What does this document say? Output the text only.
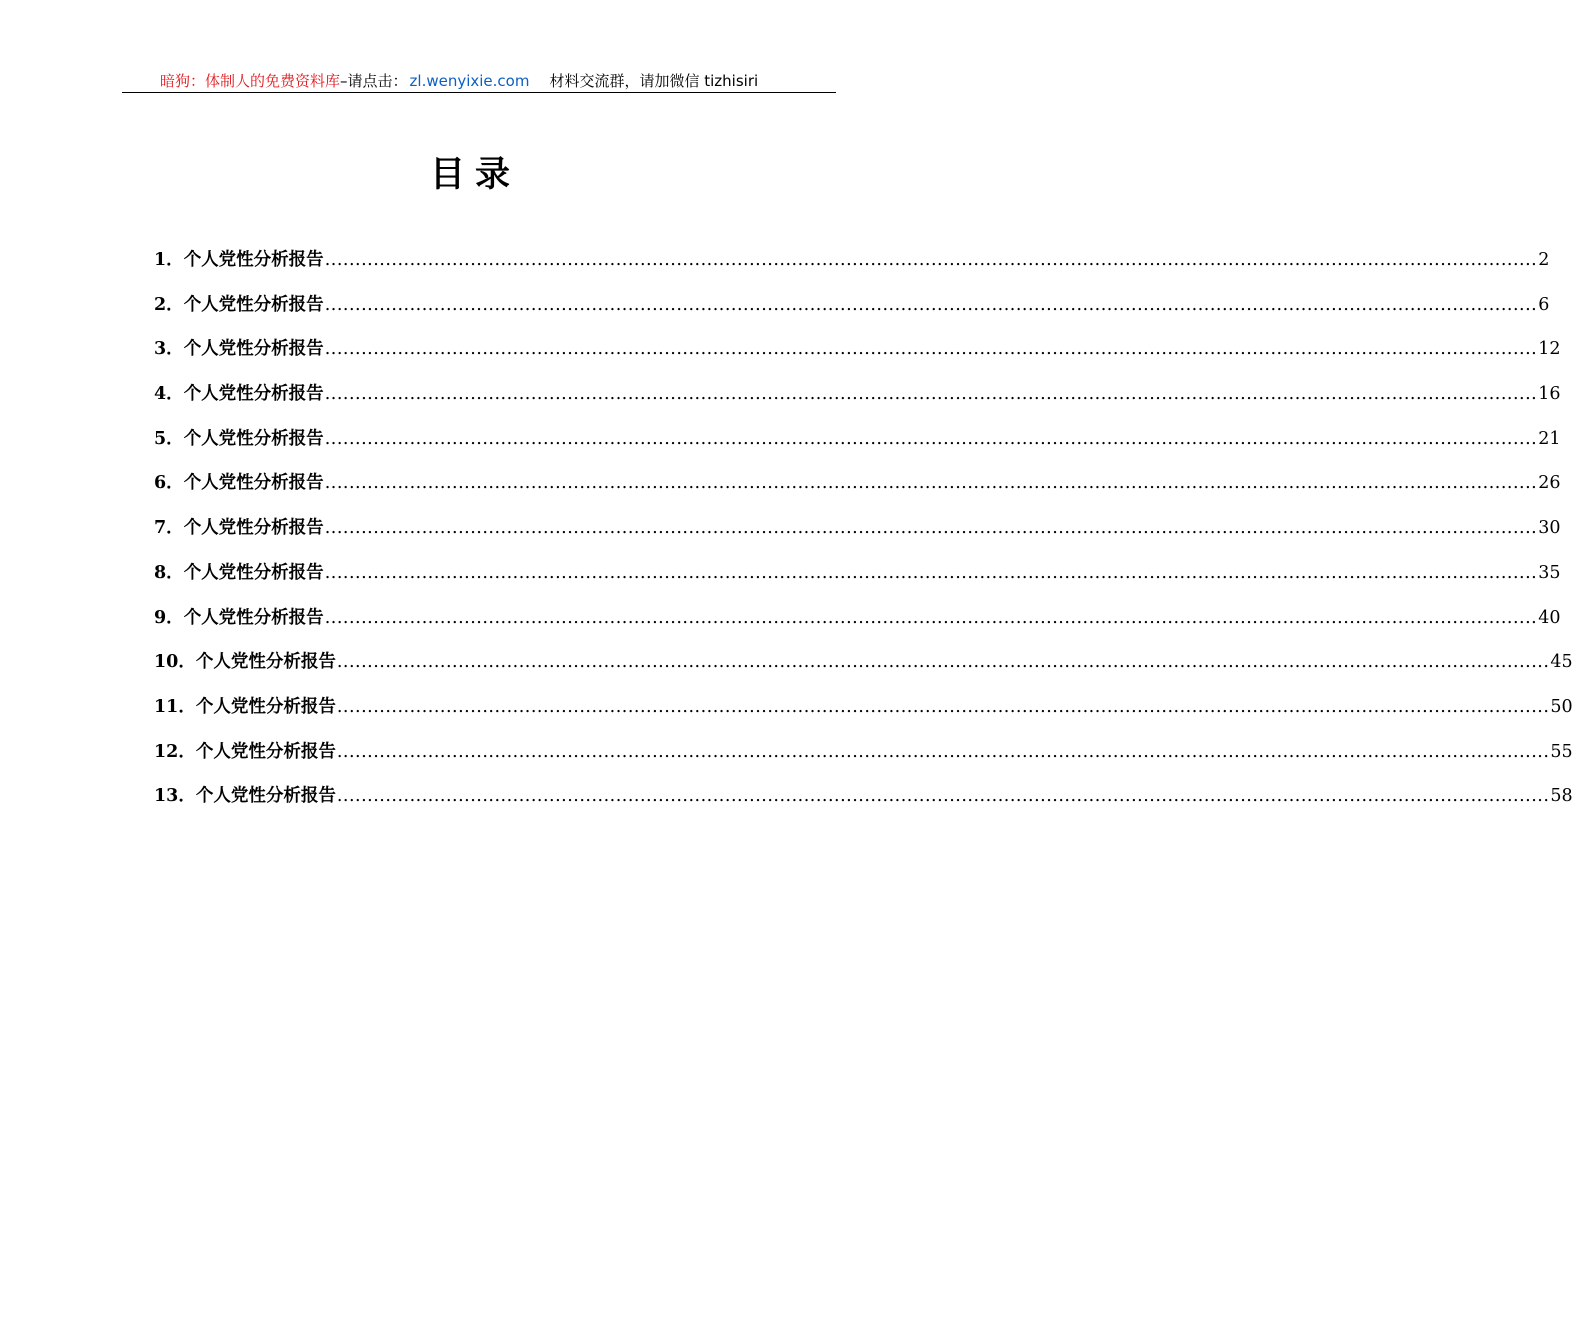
暗狗：体制人的免费资料库–请点击： zl.wenyixie.com 材料交流群，请加微信 tizhisiri
目录
1． 个人党性分析报告 ........................................................................................................................................................................................................ 2
2． 个人党性分析报告 ........................................................................................................................................................................................................ 6
3． 个人党性分析报告 ........................................................................................................................................................................................................ 12
4． 个人党性分析报告 ........................................................................................................................................................................................................ 16
5． 个人党性分析报告 ........................................................................................................................................................................................................ 21
6． 个人党性分析报告 ........................................................................................................................................................................................................ 26
7． 个人党性分析报告 ........................................................................................................................................................................................................ 30
8． 个人党性分析报告 ........................................................................................................................................................................................................ 35
9． 个人党性分析报告 ........................................................................................................................................................................................................ 40
10． 个人党性分析报告 ........................................................................................................................................................................................................ 45
11． 个人党性分析报告 ........................................................................................................................................................................................................ 50
12． 个人党性分析报告 ........................................................................................................................................................................................................ 55
13． 个人党性分析报告 ........................................................................................................................................................................................................ 58
